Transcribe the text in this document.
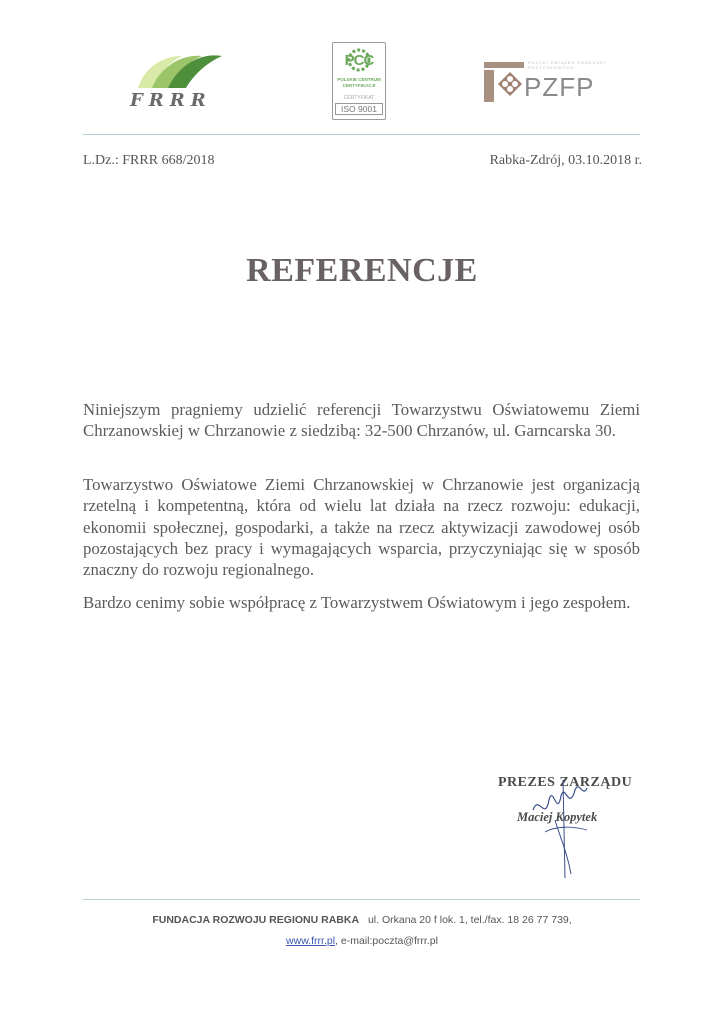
FRRR
PCC
POLSKIE CENTRUM CERTYFIKACJI
CERTYFIKAT
ISO 9001
POLSKI ZWIĄZEK FUNDUSZY POŻYCZKOWYCH
PZFP
L.Dz.: FRRR 668/2018	Rabka-Zdrój, 03.10.2018 r.
REFERENCJE
Niniejszym pragniemy udzielić referencji Towarzystwu Oświatowemu Ziemi Chrzanowskiej w Chrzanowie z siedzibą: 32-500 Chrzanów, ul. Garncarska 30.
Towarzystwo Oświatowe Ziemi Chrzanowskiej w Chrzanowie jest organizacją rzetelną i kompetentną, która od wielu lat działa na rzecz rozwoju: edukacji, ekonomii społecznej, gospodarki, a także na rzecz aktywizacji zawodowej osób pozostających bez pracy i wymagających wsparcia, przyczyniając się w sposób znaczny do rozwoju regionalnego.
Bardzo cenimy sobie współpracę z Towarzystwem Oświatowym i jego zespołem.
PREZES ZARZĄDU
Maciej Kopytek
FUNDACJA ROZWOJU REGIONU RABKA ul. Orkana 20 f lok. 1, tel./fax. 18 26 77 739,
www.frrr.pl, e-mail:poczta@frrr.pl
